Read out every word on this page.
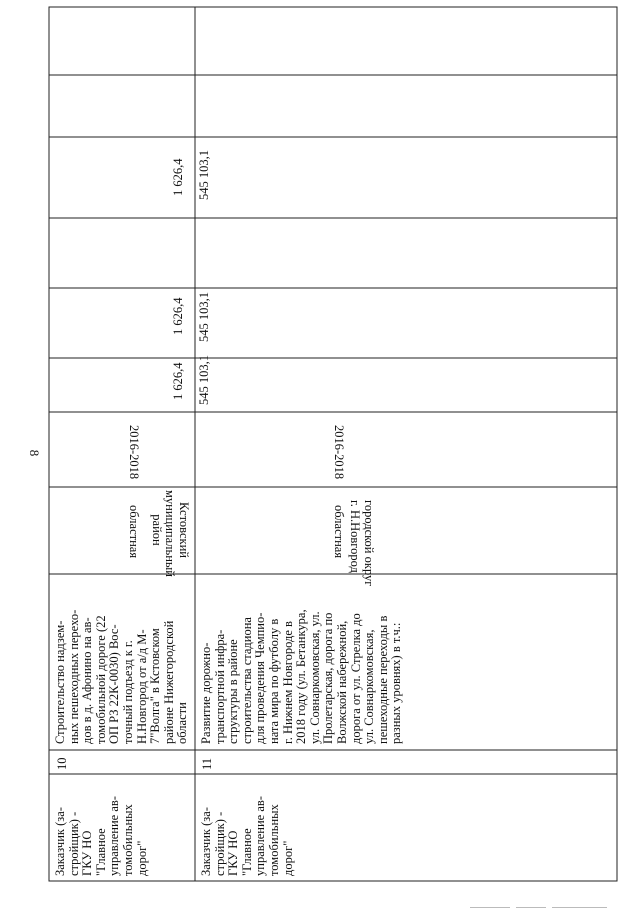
8
Заказчик (за- стройщик) - ГКУ НО "Главное управление ав- томобильных дорог"
10
Строительство надзем- ных пешеходных перехо- дов в д. Афонино на ав- томобильной дороге (22 ОП РЗ 22К-0030) Вос- точный подъезд к г. Н.Новгород от а/д М- 7"Волга" в Кстовском районе Нижегородской области
Кстовский
муниципальный
район
областная
2016-2018
1 626,4
1 626,4
1 626,4
Заказчик (за- стройщик) - ГКУ НО "Главное управление ав- томобильных дорог"
11
Развитие дорожно- транспортной инфра- структуры в районе строительства стадиона для проведения Чемпио- ната мира по футболу в г. Нижнем Новгороде в 2018 году (ул. Бетанкура, ул. Совнаркомовская, ул. Пролетарская, дорога по Волжской набережной, дорога от ул. Стрелка до ул. Совнаркомовская, пешеходные переходы в разных уровнях) в т.ч.:
городской округ
г. Н.Новгород
областная
2016-2018
545 103,1
545 103,1
545 103,1
